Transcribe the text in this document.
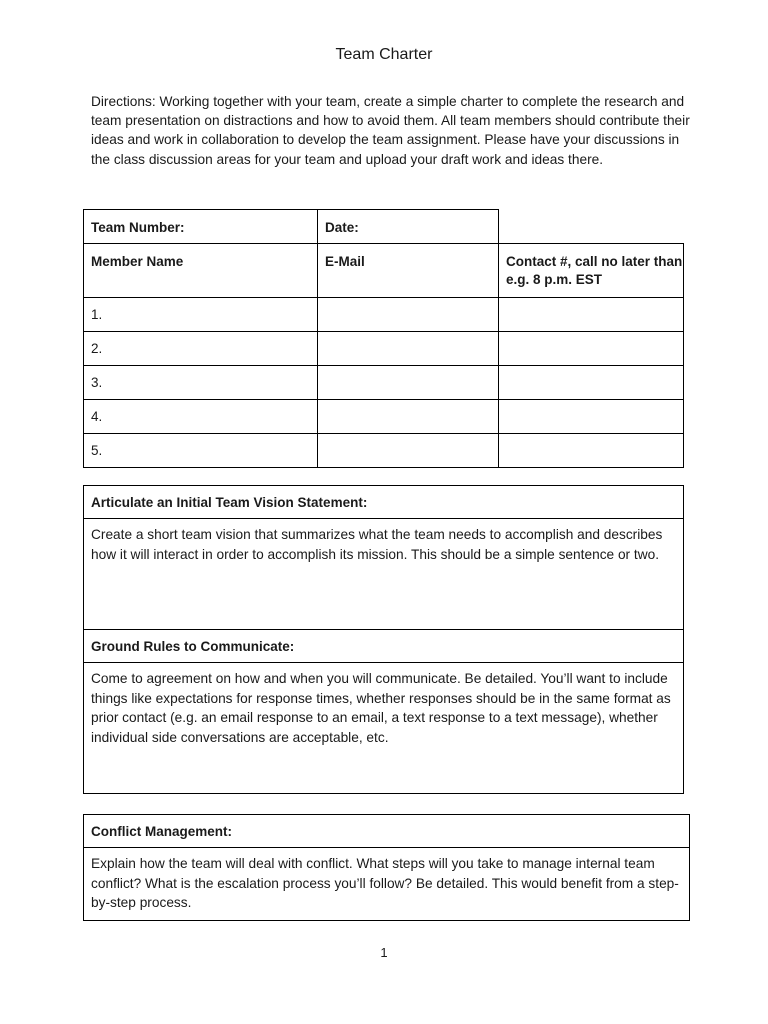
Team Charter
Directions: Working together with your team, create a simple charter to complete the research and team presentation on distractions and how to avoid them. All team members should contribute their ideas and work in collaboration to develop the team assignment. Please have your discussions in the class discussion areas for your team and upload your draft work and ideas there.
Team Number:	Date:	
Member Name	E-Mail	Contact #, call no later than e.g. 8 p.m. EST
1.		
2.		
3.		
4.		
5.		
Articulate an Initial Team Vision Statement:
Create a short team vision that summarizes what the team needs to accomplish and describes how it will interact in order to accomplish its mission. This should be a simple sentence or two.
Ground Rules to Communicate:
Come to agreement on how and when you will communicate. Be detailed. You’ll want to include things like expectations for response times, whether responses should be in the same format as prior contact (e.g. an email response to an email, a text response to a text message), whether individual side conversations are acceptable, etc.
Conflict Management:
Explain how the team will deal with conflict. What steps will you take to manage internal team conflict? What is the escalation process you’ll follow? Be detailed. This would benefit from a step-by-step process.
1
